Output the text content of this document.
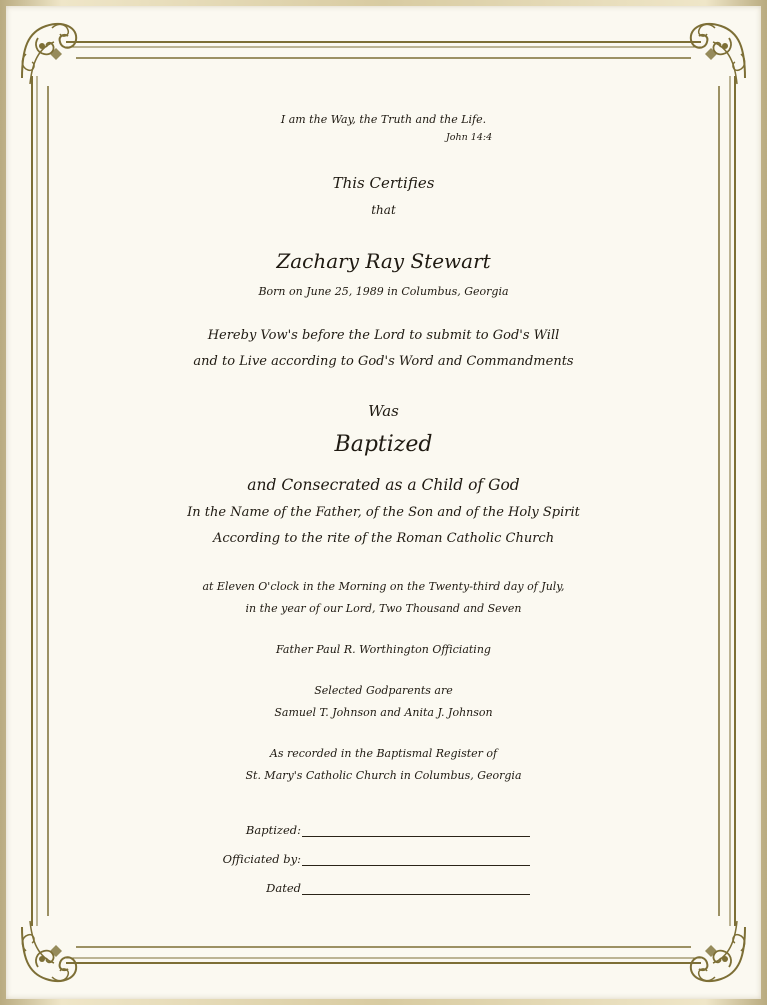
I am the Way, the Truth and the Life.

John 14:4

This Certifies

that

Zachary Ray Stewart

Born on June 25, 1989 in Columbus, Georgia

Hereby Vow's before the Lord to submit to God's Will

and to Live according to God's Word and Commandments

Was

Baptized

and Consecrated as a Child of God

In the Name of the Father, of the Son and of the Holy Spirit

According to the rite of the Roman Catholic Church

at Eleven O'clock in the Morning on the Twenty-third day of July,

in the year of our Lord, Two Thousand and Seven

Father Paul R. Worthington Officiating

Selected Godparents are

Samuel T. Johnson and Anita J. Johnson

As recorded in the Baptismal Register of

St. Mary's Catholic Church in Columbus, Georgia

Baptized:
Officiated by:
Dated
